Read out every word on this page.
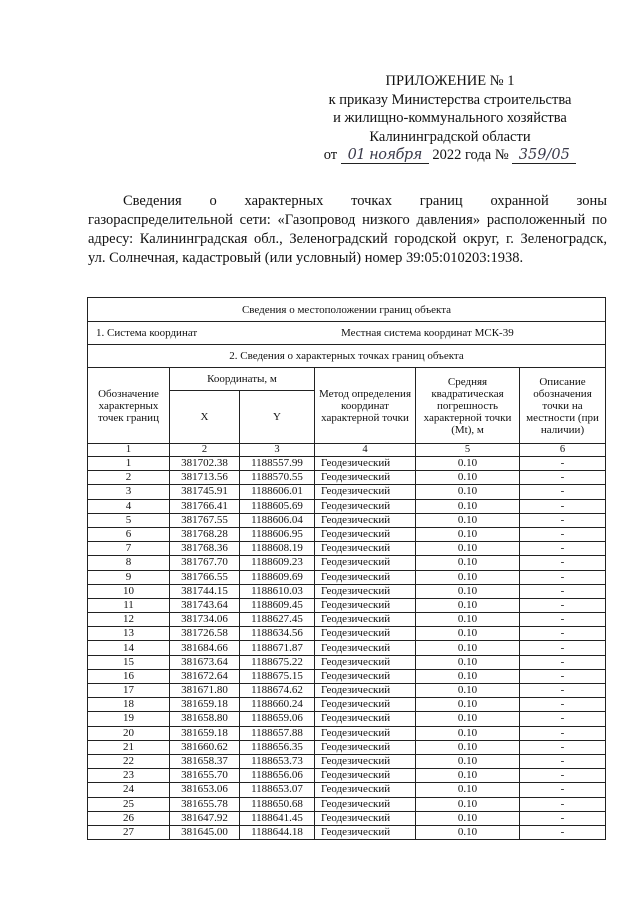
ПРИЛОЖЕНИЕ № 1
к приказу Министерства строительства
и жилищно-коммунального хозяйства
Калининградской области
от 01 ноября 2022 года № 359/05
Сведения о характерных точках границ охранной зоны газораспределительной сети: «Газопровод низкого давления» расположенный по адресу: Калининградская обл., Зеленоградский городской округ, г. Зеленоградск, ул. Солнечная, кадастровый (или условный) номер 39:05:010203:1938.
Сведения о местоположении границ объекта					

1. Система координат Местная система координат МСК-39					

2. Сведения о характерных точках границ объекта					
Обозначение характерных точек границ	Координаты, м		Метод определения координат характерной точки	Средняя квадратическая погрешность характерной точки (Mt), м	Описание обозначения точки на местности (при наличии)
	X	Y			
1	2	3	4	5	6
1	381702.38	1188557.99	Геодезический	0.10	-
2	381713.56	1188570.55	Геодезический	0.10	-
3	381745.91	1188606.01	Геодезический	0.10	-
4	381766.41	1188605.69	Геодезический	0.10	-
5	381767.55	1188606.04	Геодезический	0.10	-
6	381768.28	1188606.95	Геодезический	0.10	-
7	381768.36	1188608.19	Геодезический	0.10	-
8	381767.70	1188609.23	Геодезический	0.10	-
9	381766.55	1188609.69	Геодезический	0.10	-
10	381744.15	1188610.03	Геодезический	0.10	-
11	381743.64	1188609.45	Геодезический	0.10	-
12	381734.06	1188627.45	Геодезический	0.10	-
13	381726.58	1188634.56	Геодезический	0.10	-
14	381684.66	1188671.87	Геодезический	0.10	-
15	381673.64	1188675.22	Геодезический	0.10	-
16	381672.64	1188675.15	Геодезический	0.10	-
17	381671.80	1188674.62	Геодезический	0.10	-
18	381659.18	1188660.24	Геодезический	0.10	-
19	381658.80	1188659.06	Геодезический	0.10	-
20	381659.18	1188657.88	Геодезический	0.10	-
21	381660.62	1188656.35	Геодезический	0.10	-
22	381658.37	1188653.73	Геодезический	0.10	-
23	381655.70	1188656.06	Геодезический	0.10	-
24	381653.06	1188653.07	Геодезический	0.10	-
25	381655.78	1188650.68	Геодезический	0.10	-
26	381647.92	1188641.45	Геодезический	0.10	-
27	381645.00	1188644.18	Геодезический	0.10	-
